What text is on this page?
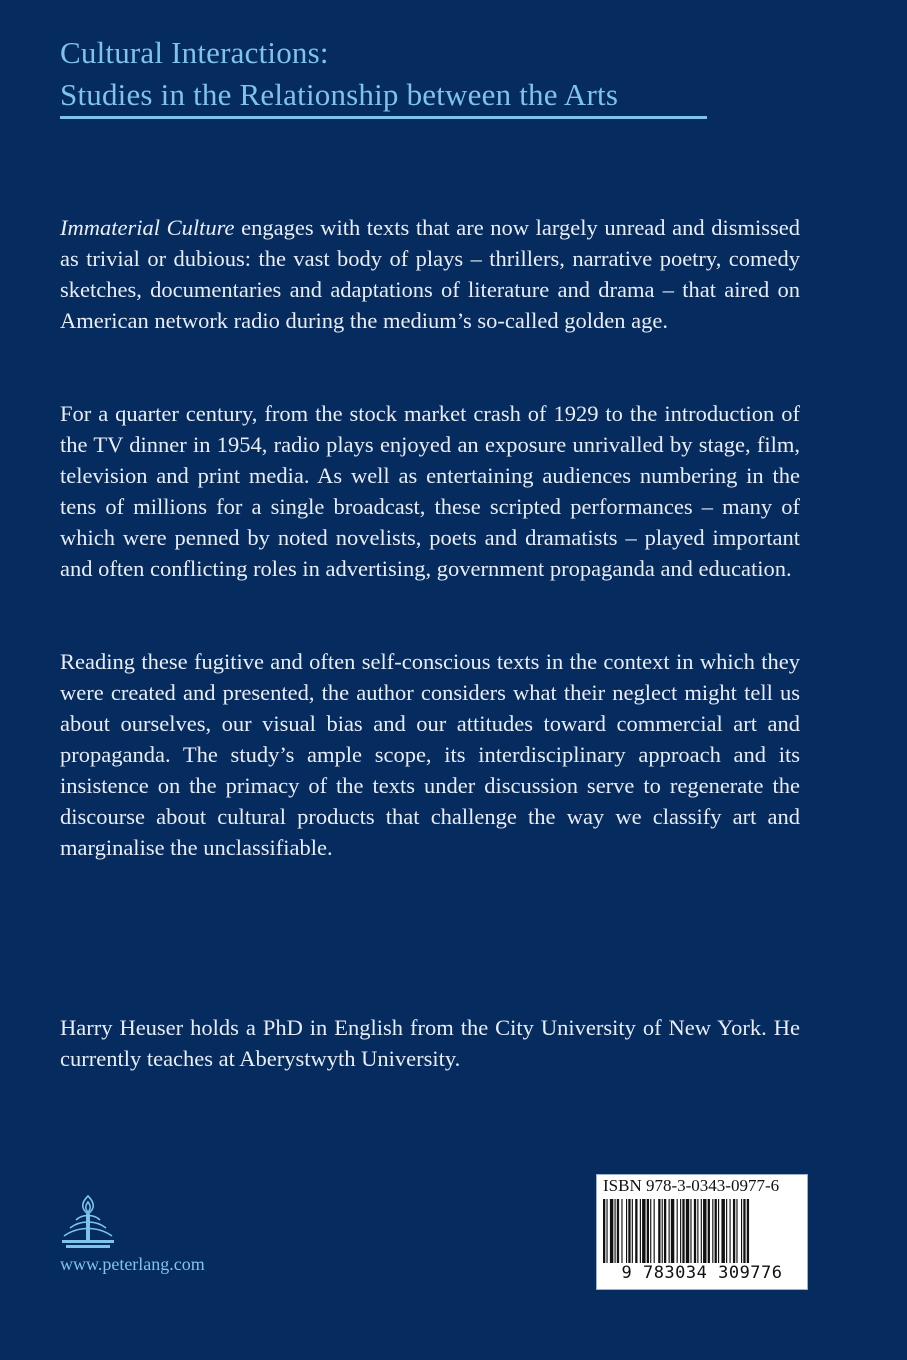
Cultural Interactions:
Studies in the Relationship between the Arts

Immaterial Culture engages with texts that are now largely unread and dismissed as trivial or dubious: the vast body of plays – thrillers, narrative poetry, comedy sketches, documentaries and adaptations of literature and drama – that aired on American network radio during the medium’s so-called golden age.

For a quarter century, from the stock market crash of 1929 to the introduction of the TV dinner in 1954, radio plays enjoyed an exposure unrivalled by stage, film, television and print media. As well as entertaining audiences numbering in the tens of millions for a single broadcast, these scripted performances – many of which were penned by noted novelists, poets and dramatists – played important and often conflicting roles in advertising, government propaganda and education.

Reading these fugitive and often self-conscious texts in the context in which they were created and presented, the author considers what their neglect might tell us about ourselves, our visual bias and our attitudes toward commercial art and propaganda. The study’s ample scope, its interdisciplinary approach and its insistence on the primacy of the texts under discussion serve to regenerate the discourse about cultural products that challenge the way we classify art and marginalise the unclassifiable.

Harry Heuser holds a PhD in English from the City University of New York. He currently teaches at Aberystwyth University.

www.peterlang.com
ISBN 978-3-0343-0977-6
9 783034 309776
